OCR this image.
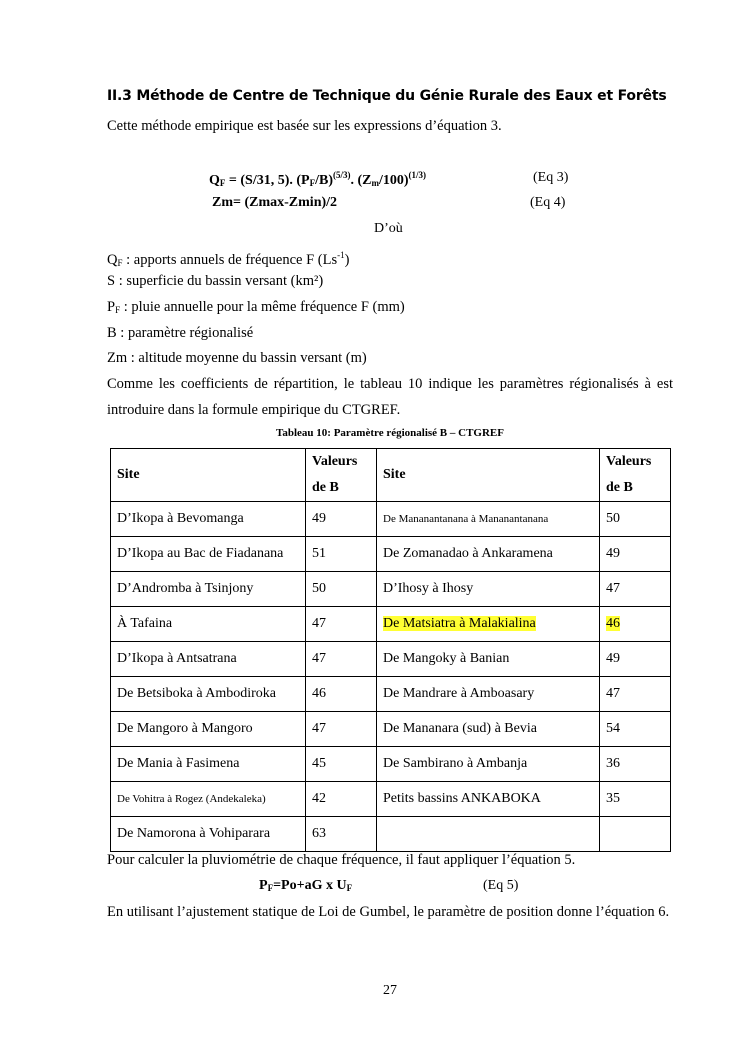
II.3 Méthode de Centre de Technique du Génie Rurale des Eaux et Forêts
Cette méthode empirique est basée sur les expressions d’équation 3.
$Q_F = (S/31$, 5). $(P_F/B)^{(5/3)}$. $(Z_m/100)^{(1/3)}$	(Eq 3)
Zm= (Zmax-Zmin)/2	(Eq 4)
D’où
$Q_F$ : apports annuels de fréquence F $(Ls^{-1})$
S : superficie du bassin versant (km²)
$P_F$ : pluie annuelle pour la même fréquence F (mm)
B : paramètre régionalisé
Zm : altitude moyenne du bassin versant (m)
Comme les coefficients de répartition, le tableau 10 indique les paramètres régionalisés à est introduire dans la formule empirique du CTGREF.
Tableau 10: Paramètre régionalisé B – CTGREF
Site	Valeurs de B	Site	Valeurs de B
D’Ikopa à Bevomanga	49	De Mananantanana à Mananantanana	50
D’Ikopa au Bac de Fiadanana	51	De Zomanadao à Ankaramena	49
D’Andromba à Tsinjony	50	D’Ihosy à Ihosy	47
À Tafaina	47	De Matsiatra à Malakialina	46
D’Ikopa à Antsatrana	47	De Mangoky à Banian	49
De Betsiboka à Ambodiroka	46	De Mandrare à Amboasary	47
De Mangoro à Mangoro	47	De Mananara (sud) à Bevia	54
De Mania à Fasimena	45	De Sambirano à Ambanja	36
De Vohitra à Rogez (Andekaleka)	42	Petits bassins ANKABOKA	35
De Namorona à Vohiparara	63		
Pour calculer la pluviométrie de chaque fréquence, il faut appliquer l’équation 5.
$P_F=Po+aG$ x $U_F$	(Eq 5)
En utilisant l’ajustement statique de Loi de Gumbel, le paramètre de position donne l’équation 6.
27
